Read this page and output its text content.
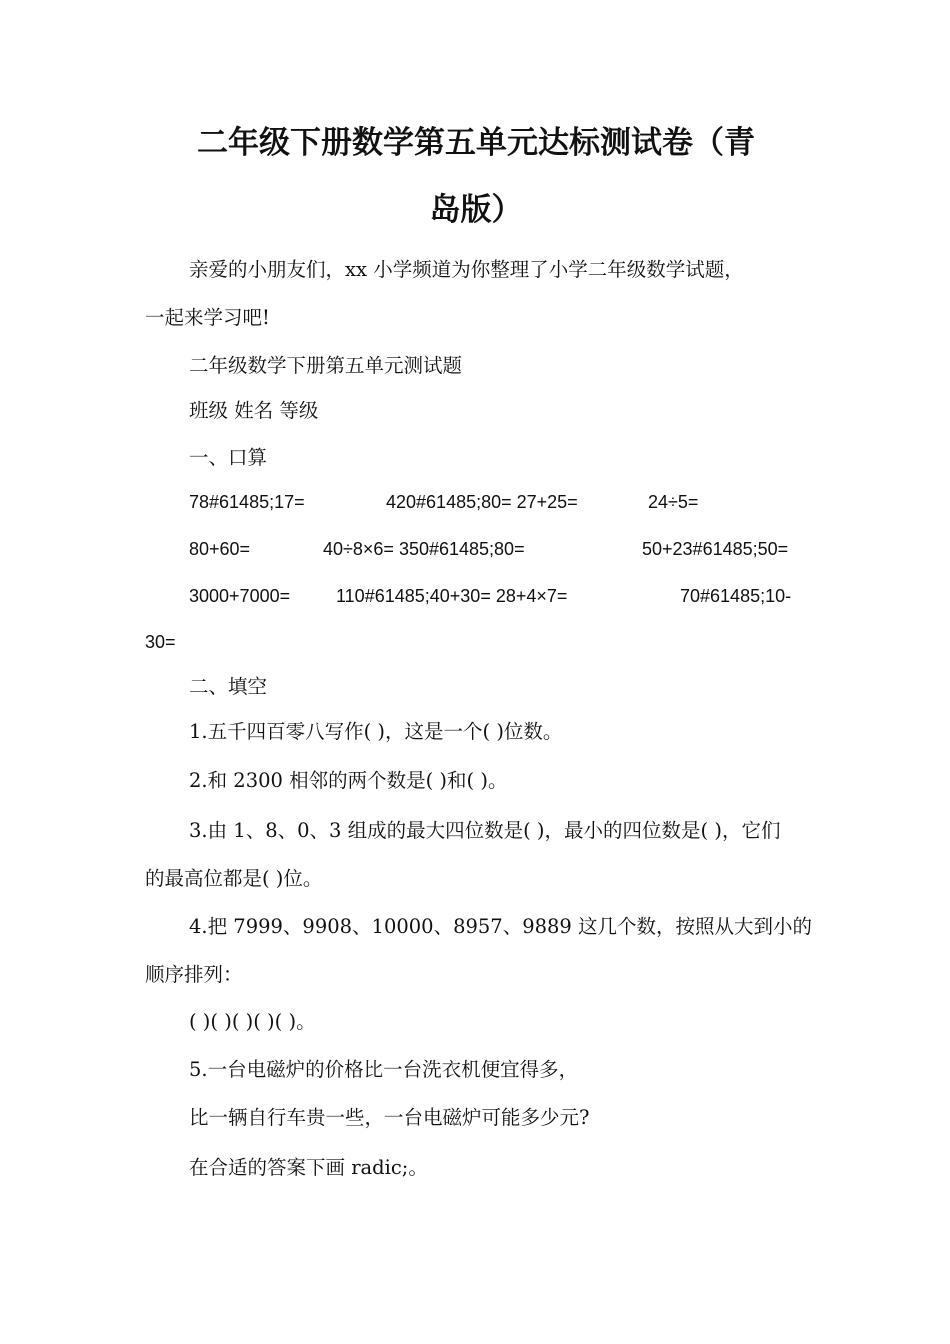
二年级下册数学第五单元达标测试卷（青
岛版）
亲爱的小朋友们，xx 小学频道为你整理了小学二年级数学试题，
一起来学习吧!
二年级数学下册第五单元测试题
班级 姓名 等级
一、口算
78#61485;17=	420#61485;80= 27+25=	24÷5=
80+60=	40÷8×6= 350#61485;80=	50+23#61485;50=
3000+7000=	110#61485;40+30= 28+4×7=	70#61485;10-
30=
二、填空
1.五千四百零八写作( )，这是一个( )位数。
2.和 2300 相邻的两个数是( )和( )。
3.由 1、8、0、3 组成的最大四位数是( )，最小的四位数是( )，它们
的最高位都是( )位。
4.把 7999、9908、10000、8957、9889 这几个数，按照从大到小的
顺序排列：
( )( )( )( )( )。
5.一台电磁炉的价格比一台洗衣机便宜得多，
比一辆自行车贵一些，一台电磁炉可能多少元?
在合适的答案下画 radic;。
